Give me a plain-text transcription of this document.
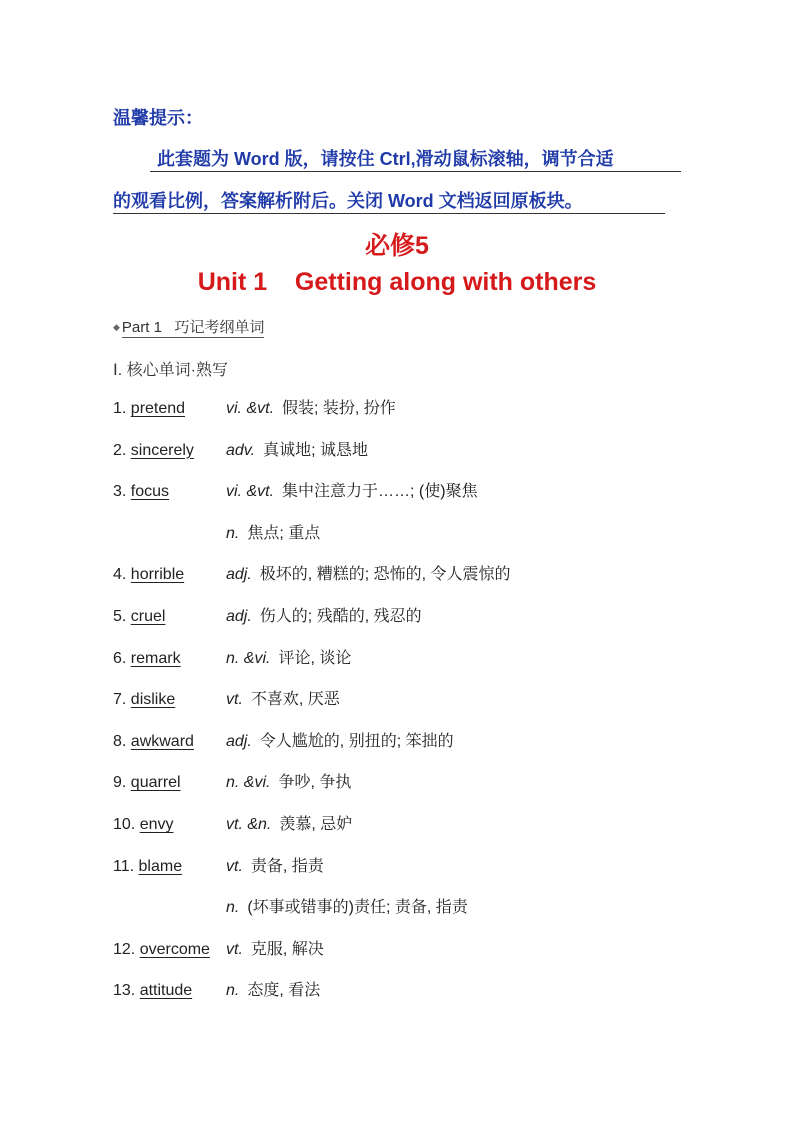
温馨提示：
此套题为 Word 版，请按住 Ctrl,滑动鼠标滚轴，调节合适
的观看比例，答案解析附后。关闭 Word 文档返回原板块。
必修5
Unit 1    Getting along with others
◆ Part 1 巧记考纲单词
Ⅰ. 核心单词·熟写
1. pretend	vi. &vt. 假装; 装扮, 扮作
2. sincerely adv. 真诚地; 诚恳地
3. focus	vi. &vt. 集中注意力于……; (使)聚焦
n. 焦点; 重点
4. horrible	adj. 极坏的, 糟糕的; 恐怖的, 令人震惊的
5. cruel	adj. 伤人的; 残酷的, 残忍的
6. remark	n. &vi. 评论, 谈论
7. dislike	vt. 不喜欢, 厌恶
8. awkward adj. 令人尴尬的, 别扭的; 笨拙的
9. quarrel	n. &vi. 争吵, 争执
10. envy	vt. &n. 羡慕, 忌妒
11. blame	vt. 责备, 指责
n. (坏事或错事的)责任; 责备, 指责
12. overcome vt. 克服, 解决
13. attitude n. 态度, 看法
